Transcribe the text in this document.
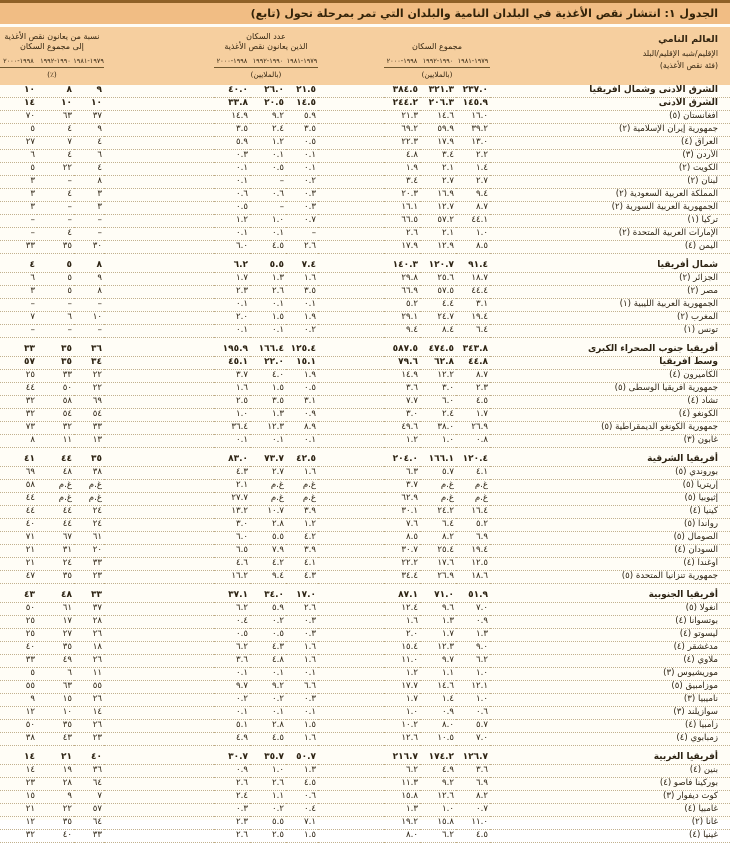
الجدول ١: انتشار نقص الأغذية في البلدان النامية والبلدان التي تمر بمرحلة تحول (تابع)
العالم النامي
الإقليم/شبه الإقليم/البلد
(فئة نقص الأغذية)

مجموع السكان

عدد السكان
الذين يعانون نقص الأغذية

نسبة من يعانون نقص الأغذية
إلى مجموع السكان

	١٩٧٩-١٩٨١	١٩٩٠-١٩٩٢	١٩٩٨-٢٠٠٠		١٩٧٩-١٩٨١	١٩٩٠-١٩٩٢	١٩٩٨-٢٠٠٠		١٩٧٩-١٩٨١	١٩٩٠-١٩٩٢	١٩٩٨-٢٠٠٠
	(بالملايين)				(بالملايين)				(٪)		
الشرق الأدنى وشمال أفريقيا	٢٣٧.٠	٣٢١.٣	٣٨٤.٥		٢١.٥	٢٦.٠	٤٠.٠		٩	٨	١٠
الشرق الأدنى	١٤٥.٩	٢٠٦.٣	٢٤٤.٢		١٤.٥	٢٠.٥	٣٣.٨		١٠	١٠	١٤
أفغانستان (٥)	١٦.٠	١٤.٦	٢١.٣		٥.٩	٩.٢	١٤.٩		٣٧	٦٣	٧٠
جمهورية إيران الإسلامية (٢)	٣٩.٢	٥٩.٩	٦٩.٢		٣.٥	٢.٤	٣.٥		٩	٤	٥
العراق (٤)	١٣.٠	١٧.٩	٢٢.٣		٠.٥	١.٢	٥.٩		٤	٧	٢٧
الأردن (٣)	٢.٢	٣.٤	٤.٨		٠.١	٠.١	٠.٣		٦	٤	٦
الكويت (٢)	١.٤	٢.١	١.٩		٠.١	٠.٥	٠.١		٤	٢٢	٥
لبنان (٢)	٢.٧	٢.٧	٣.٤		٠.٢	–	٠.١		٨	–	٣
المملكة العربية السعودية (٢)	٩.٤	١٦.٩	٢٠.٣		٠.٣	٠.٦	٠.٦		٣	٤	٣
الجمهورية العربية السورية (٢)	٨.٧	١٢.٧	١٦.١		٠.٣	–	٠.٥		٣	–	٣
تركيا (١)	٤٤.١	٥٧.٢	٦٦.٥		٠.٧	١.٠	١.٢		–	–	–
الإمارات العربية المتحدة (٢)	١.٠	٢.١	٢.٦		–	٠.١	٠.١		–	٤	–
اليمن (٤)	٨.٥	١٢.٩	١٧.٩		٢.٦	٤.٥	٦.٠		٣٠	٣٥	٣٣
شمال أفريقيا	٩١.٤	١٢٠.٧	١٤٠.٣		٧.٤	٥.٥	٦.٢		٨	٥	٤
الجزائر (٢)	١٨.٧	٢٥.٦	٢٩.٨		١.٦	١.٣	١.٧		٩	٥	٦
مصر (٢)	٤٤.٤	٥٧.٥	٦٦.٩		٣.٥	٢.٦	٢.٣		٨	٥	٣
الجمهورية العربية الليبية (١)	٣.١	٤.٤	٥.٢		٠.١	٠.١	٠.١		–	–	–
المغرب (٢)	١٩.٤	٢٤.٧	٢٩.١		١.٩	١.٥	٢.٠		١٠	٦	٧
تونس (١)	٦.٤	٨.٤	٩.٤		٠.٢	٠.١	٠.١		–	–	–
أفريقيا جنوب الصحراء الكبرى	٣٤٣.٨	٤٧٤.٥	٥٨٧.٥		١٢٥.٤	١٦٦.٤	١٩٥.٩		٣٦	٣٥	٣٣
وسط أفريقيا	٤٤.٨	٦٢.٨	٧٩.٦		١٥.١	٢٢.٠	٤٥.١		٣٤	٣٥	٥٧
الكاميرون (٤)	٨.٧	١٢.٢	١٤.٩		١.٩	٤.٠	٣.٧		٢٢	٣٣	٢٥
جمهورية أفريقيا الوسطى (٥)	٢.٣	٣.٠	٣.٦		٠.٥	١.٥	١.٦		٢٢	٥٠	٤٤
تشاد (٤)	٤.٥	٦.٠	٧.٧		٣.١	٣.٥	٢.٥		٦٩	٥٨	٣٢
الكونغو (٤)	١.٧	٢.٤	٣.٠		٠.٩	١.٣	١.٠		٥٤	٥٤	٣٢
جمهورية الكونغو الديمقراطية (٥)	٢٦.٩	٣٨.٠	٤٩.٦		٨.٩	١٢.٣	٣٦.٤		٣٣	٣٢	٧٣
غابون (٣)	٠.٨	١.٠	١.٢		٠.١	٠.١	٠.١		١٣	١١	٨
أفريقيا الشرقية	١٢٠.٤	١٦٦.١	٢٠٤.٠		٤٢.٥	٧٣.٧	٨٣.٠		٣٥	٤٤	٤١
بوروندي (٥)	٤.١	٥.٧	٦.٣		١.٦	٢.٧	٤.٣		٣٨	٤٨	٦٩
إريتريا (٥)	غ.م	غ.م	٣.٧		غ.م	غ.م	٢.١		غ.م	غ.م	٥٨
إثيوبيا (٥)	غ.م	غ.م	٦٢.٩		غ.م	غ.م	٢٧.٧		غ.م	غ.م	٤٤
كينيا (٤)	١٦.٤	٢٤.٢	٣٠.١		٣.٩	١٠.٧	١٣.٢		٢٤	٤٤	٤٤
رواندا (٥)	٥.٢	٦.٤	٧.٦		١.٢	٢.٨	٣.٠		٢٤	٤٤	٤٠
الصومال (٥)	٦.٩	٨.٢	٨.٥		٤.٢	٥.٥	٦.٠		٦١	٦٧	٧١
السودان (٤)	١٩.٤	٢٥.٤	٣٠.٧		٣.٩	٧.٩	٦.٥		٢٠	٣١	٢١
أوغندا (٤)	١٢.٥	١٧.٦	٢٢.٢		٤.١	٤.٢	٤.٦		٣٣	٢٤	٢١
جمهورية تنزانيا المتحدة (٥)	١٨.٦	٢٦.٩	٣٤.٤		٤.٣	٩.٤	١٦.٢		٢٣	٣٥	٤٧
أفريقيا الجنوبية	٥١.٩	٧١.٠	٨٧.١		١٧.٠	٣٤.٠	٣٧.١		٣٣	٤٨	٤٣
أنغولا (٥)	٧.٠	٩.٦	١٢.٤		٢.٦	٥.٩	٦.٢		٣٧	٦١	٥٠
بوتسوانا (٤)	٠.٩	١.٣	١.٦		٠.٣	٠.٢	٠.٤		٢٨	١٧	٢٥
ليسوتو (٤)	١.٣	١.٧	٢.٠		٠.٣	٠.٥	٠.٥		٢٦	٢٧	٢٥
مدغشقر (٤)	٩.٠	١٢.٣	١٥.٤		١.٦	٤.٣	٦.٢		١٨	٣٥	٤٠
ملاوي (٤)	٦.٢	٩.٧	١١.٠		١.٦	٤.٨	٣.٦		٢٦	٤٩	٣٣
موريشيوس (٣)	١.٠	١.١	١.٢		٠.١	٠.١	٠.١		١١	٦	٥
موزامبيق (٥)	١٢.١	١٤.٦	١٧.٧		٦.٦	٩.٢	٩.٧		٥٥	٦٣	٥٥
ناميبيا (٣)	١.٠	١.٤	١.٧		٠.٣	٠.٢	٠.٢		٢٦	١٥	٩
سوازيلند (٣)	٠.٦	٠.٩	١.٠		٠.١	٠.١	٠.١		١٤	١٠	١٢
زامبيا (٤)	٥.٧	٨.٠	١٠.٢		١.٥	٢.٨	٥.١		٢٦	٣٥	٥٠
زمبابوي (٤)	٧.٠	١٠.٥	١٢.٦		١.٦	٤.٥	٤.٩		٢٣	٤٣	٣٨
أفريقيا الغربية	١٢٦.٧	١٧٤.٢	٢١٦.٧		٥٠.٧	٣٥.٧	٣٠.٧		٤٠	٢١	١٤
بنين (٤)	٣.٦	٤.٩	٦.٢		١.٣	١.٠	٠.٩		٣٦	١٩	١٤
بوركينا فاصو (٤)	٦.٩	٩.٢	١١.٣		٤.٥	٢.٦	٢.٦		٦٤	٢٨	٢٣
كوت ديفوار (٣)	٨.٢	١٢.٦	١٥.٨		٠.٦	١.١	٢.٤		٧	٩	١٥
غامبيا (٤)	٠.٧	١.٠	١.٣		٠.٤	٠.٢	٠.٣		٥٧	٢٢	٢١
غانا (٢)	١١.٠	١٥.٨	١٩.٢		٧.١	٥.٥	٢.٣		٦٤	٣٥	١٢
غينيا (٤)	٤.٥	٦.٢	٨.٠		١.٥	٢.٥	٢.٦		٣٣	٤٠	٣٢
